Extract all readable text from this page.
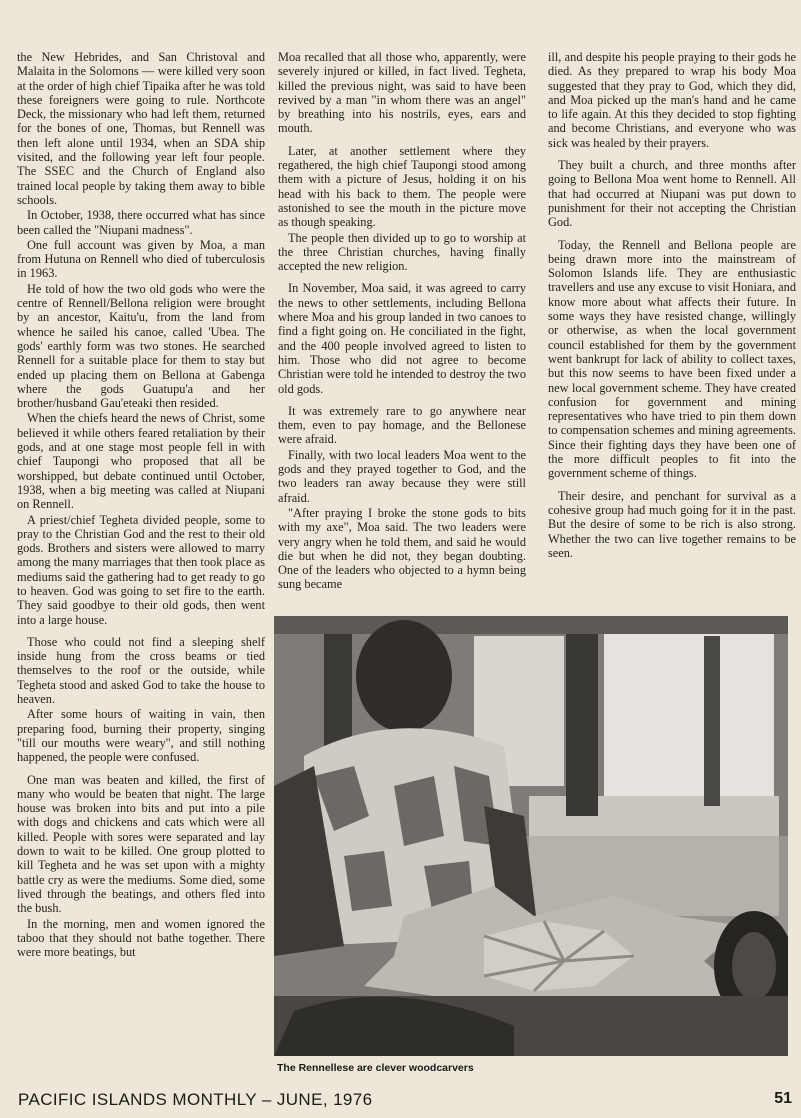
the New Hebrides, and San Christoval and Malaita in the Solomons — were killed very soon at the order of high chief Tipaika after he was told these foreigners were going to rule. Northcote Deck, the missionary who had left them, returned for the bones of one, Thomas, but Rennell was then left alone until 1934, when an SDA ship visited, and the following year left four people. The SSEC and the Church of England also trained local people by taking them away to bible schools.

In October, 1938, there occurred what has since been called the "Niupani madness".

One full account was given by Moa, a man from Hutuna on Rennell who died of tuberculosis in 1963.

He told of how the two old gods who were the centre of Rennell/Bellona religion were brought by an ancestor, Kaitu'u, from the land from whence he sailed his canoe, called 'Ubea. The gods' earthly form was two stones. He searched Rennell for a suitable place for them to stay but ended up placing them on Bellona at Gabenga where the gods Guatupu'a and her brother/husband Gau'eteaki then resided.

When the chiefs heard the news of Christ, some believed it while others feared retaliation by their gods, and at one stage most people fell in with chief Taupongi who proposed that all be worshipped, but debate continued until October, 1938, when a big meeting was called at Niupani on Rennell.

A priest/chief Tegheta divided people, some to pray to the Christian God and the rest to their old gods. Brothers and sisters were allowed to marry among the many marriages that then took place as mediums said the gathering had to get ready to go to heaven. God was going to set fire to the earth. They said goodbye to their old gods, then went into a large house.

Those who could not find a sleeping shelf inside hung from the cross beams or tied themselves to the roof or the outside, while Tegheta stood and asked God to take the house to heaven.

After some hours of waiting in vain, then preparing food, burning their property, singing "till our mouths were weary", and still nothing happened, the people were confused.

One man was beaten and killed, the first of many who would be beaten that night. The large house was broken into bits and put into a pile with dogs and chickens and cats which were all killed. People with sores were separated and lay down to wait to be killed. One group plotted to kill Tegheta and he was set upon with a mighty battle cry as were the mediums. Some died, some lived through the beatings, and others fled into the bush.

In the morning, men and women ignored the taboo that they should not bathe together. There were more beatings, but

Moa recalled that all those who, apparently, were severely injured or killed, in fact lived. Tegheta, killed the previous night, was said to have been revived by a man "in whom there was an angel" by breathing into his nostrils, eyes, ears and mouth.

Later, at another settlement where they regathered, the high chief Taupongi stood among them with a picture of Jesus, holding it on his head with his back to them. The people were astonished to see the mouth in the picture move as though speaking.

The people then divided up to go to worship at the three Christian churches, having finally accepted the new religion.

In November, Moa said, it was agreed to carry the news to other settlements, including Bellona where Moa and his group landed in two canoes to find a fight going on. He conciliated in the fight, and the 400 people involved agreed to listen to him. Those who did not agree to become Christian were told he intended to destroy the two old gods.

It was extremely rare to go anywhere near them, even to pay homage, and the Bellonese were afraid.

Finally, with two local leaders Moa went to the gods and they prayed together to God, and the two leaders ran away because they were still afraid.

"After praying I broke the stone gods to bits with my axe", Moa said. The two leaders were very angry when he told them, and said he would die but when he did not, they began doubting. One of the leaders who objected to a hymn being sung became

ill, and despite his people praying to their gods he died. As they prepared to wrap his body Moa suggested that they pray to God, which they did, and Moa picked up the man's hand and he came to life again. At this they decided to stop fighting and become Christians, and everyone who was sick was healed by their prayers.

They built a church, and three months after going to Bellona Moa went home to Rennell. All that had occurred at Niupani was put down to punishment for their not accepting the Christian God.

Today, the Rennell and Bellona people are being drawn more into the mainstream of Solomon Islands life. They are enthusiastic travellers and use any excuse to visit Honiara, and know more about what affects their future. In some ways they have resisted change, willingly or otherwise, as when the local government council established for them by the government went bankrupt for lack of ability to collect taxes, but this now seems to have been fixed under a new local government scheme. They have created confusion for government and mining representatives who have tried to pin them down to compensation schemes and mining agreements. Since their fighting days they have been one of the more difficult peoples to fit into the government scheme of things.

Their desire, and penchant for survival as a cohesive group had much going for it in the past. But the desire of some to be rich is also strong. Whether the two can live together remains to be seen.

The Rennellese are clever woodcarvers
PACIFIC ISLANDS MONTHLY – JUNE, 1976	51
